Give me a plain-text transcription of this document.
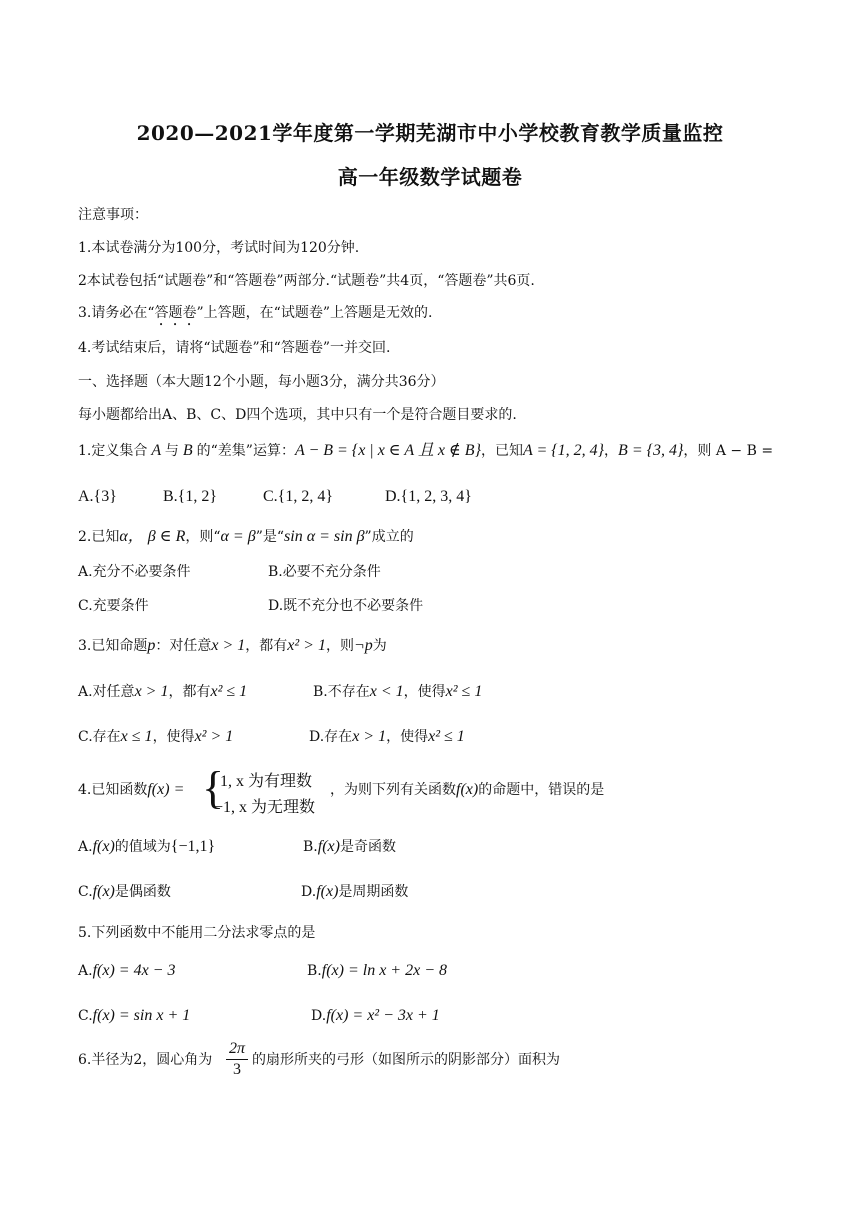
2020—2021学年度第一学期芜湖市中小学校教育教学质量监控
高一年级数学试题卷
注意事项：
1.本试卷满分为100分，考试时间为120分钟.
2本试卷包括“试题卷”和“答题卷”两部分.“试题卷”共4页，“答题卷”共6页.
3.请务必在“答题卷”上答题，在“试题卷”上答题是无效的.
4.考试结束后，请将“试题卷”和“答题卷”一并交回.
一、选择题（本大题12个小题，每小题3分，满分共36分）
每小题都给出A、B、C、D四个选项，其中只有一个是符合题目要求的.
1.定义集合 A 与 B 的“差集”运算：A − B = {x | x ∈ A 且 x ∉ B}，已知A = {1, 2, 4}，B = {3, 4}，则 A − B =
A.{3}	B.{1, 2}	C.{1, 2, 4}	D.{1, 2, 3, 4}
2.已知α， β ∈ R，则“α = β”是“sin α = sin β”成立的
A.充分不必要条件	B.必要不充分条件
C.充要条件	D.既不充分也不必要条件
3.已知命题p：对任意x > 1，都有x² > 1，则¬p为
A.对任意x > 1，都有x² ≤ 1	B.不存在x < 1，使得x² ≤ 1
C.存在x ≤ 1，使得x² > 1	D.存在x > 1，使得x² ≤ 1
4.已知函数f(x) = {
1, x 为有理数
−1, x 为无理数
，为则下列有关函数f(x)的命题中，错误的是
A.f(x)的值域为{−1,1}	B.f(x)是奇函数
C.f(x)是偶函数	D.f(x)是周期函数
5.下列函数中不能用二分法求零点的是
A.f(x) = 4x − 3	B.f(x) = ln x + 2x − 8
C.f(x) = sin x + 1	D.f(x) = x² − 3x + 1
6.半径为2，圆心角为
2π
3
的扇形所夹的弓形（如图所示的阴影部分）面积为
